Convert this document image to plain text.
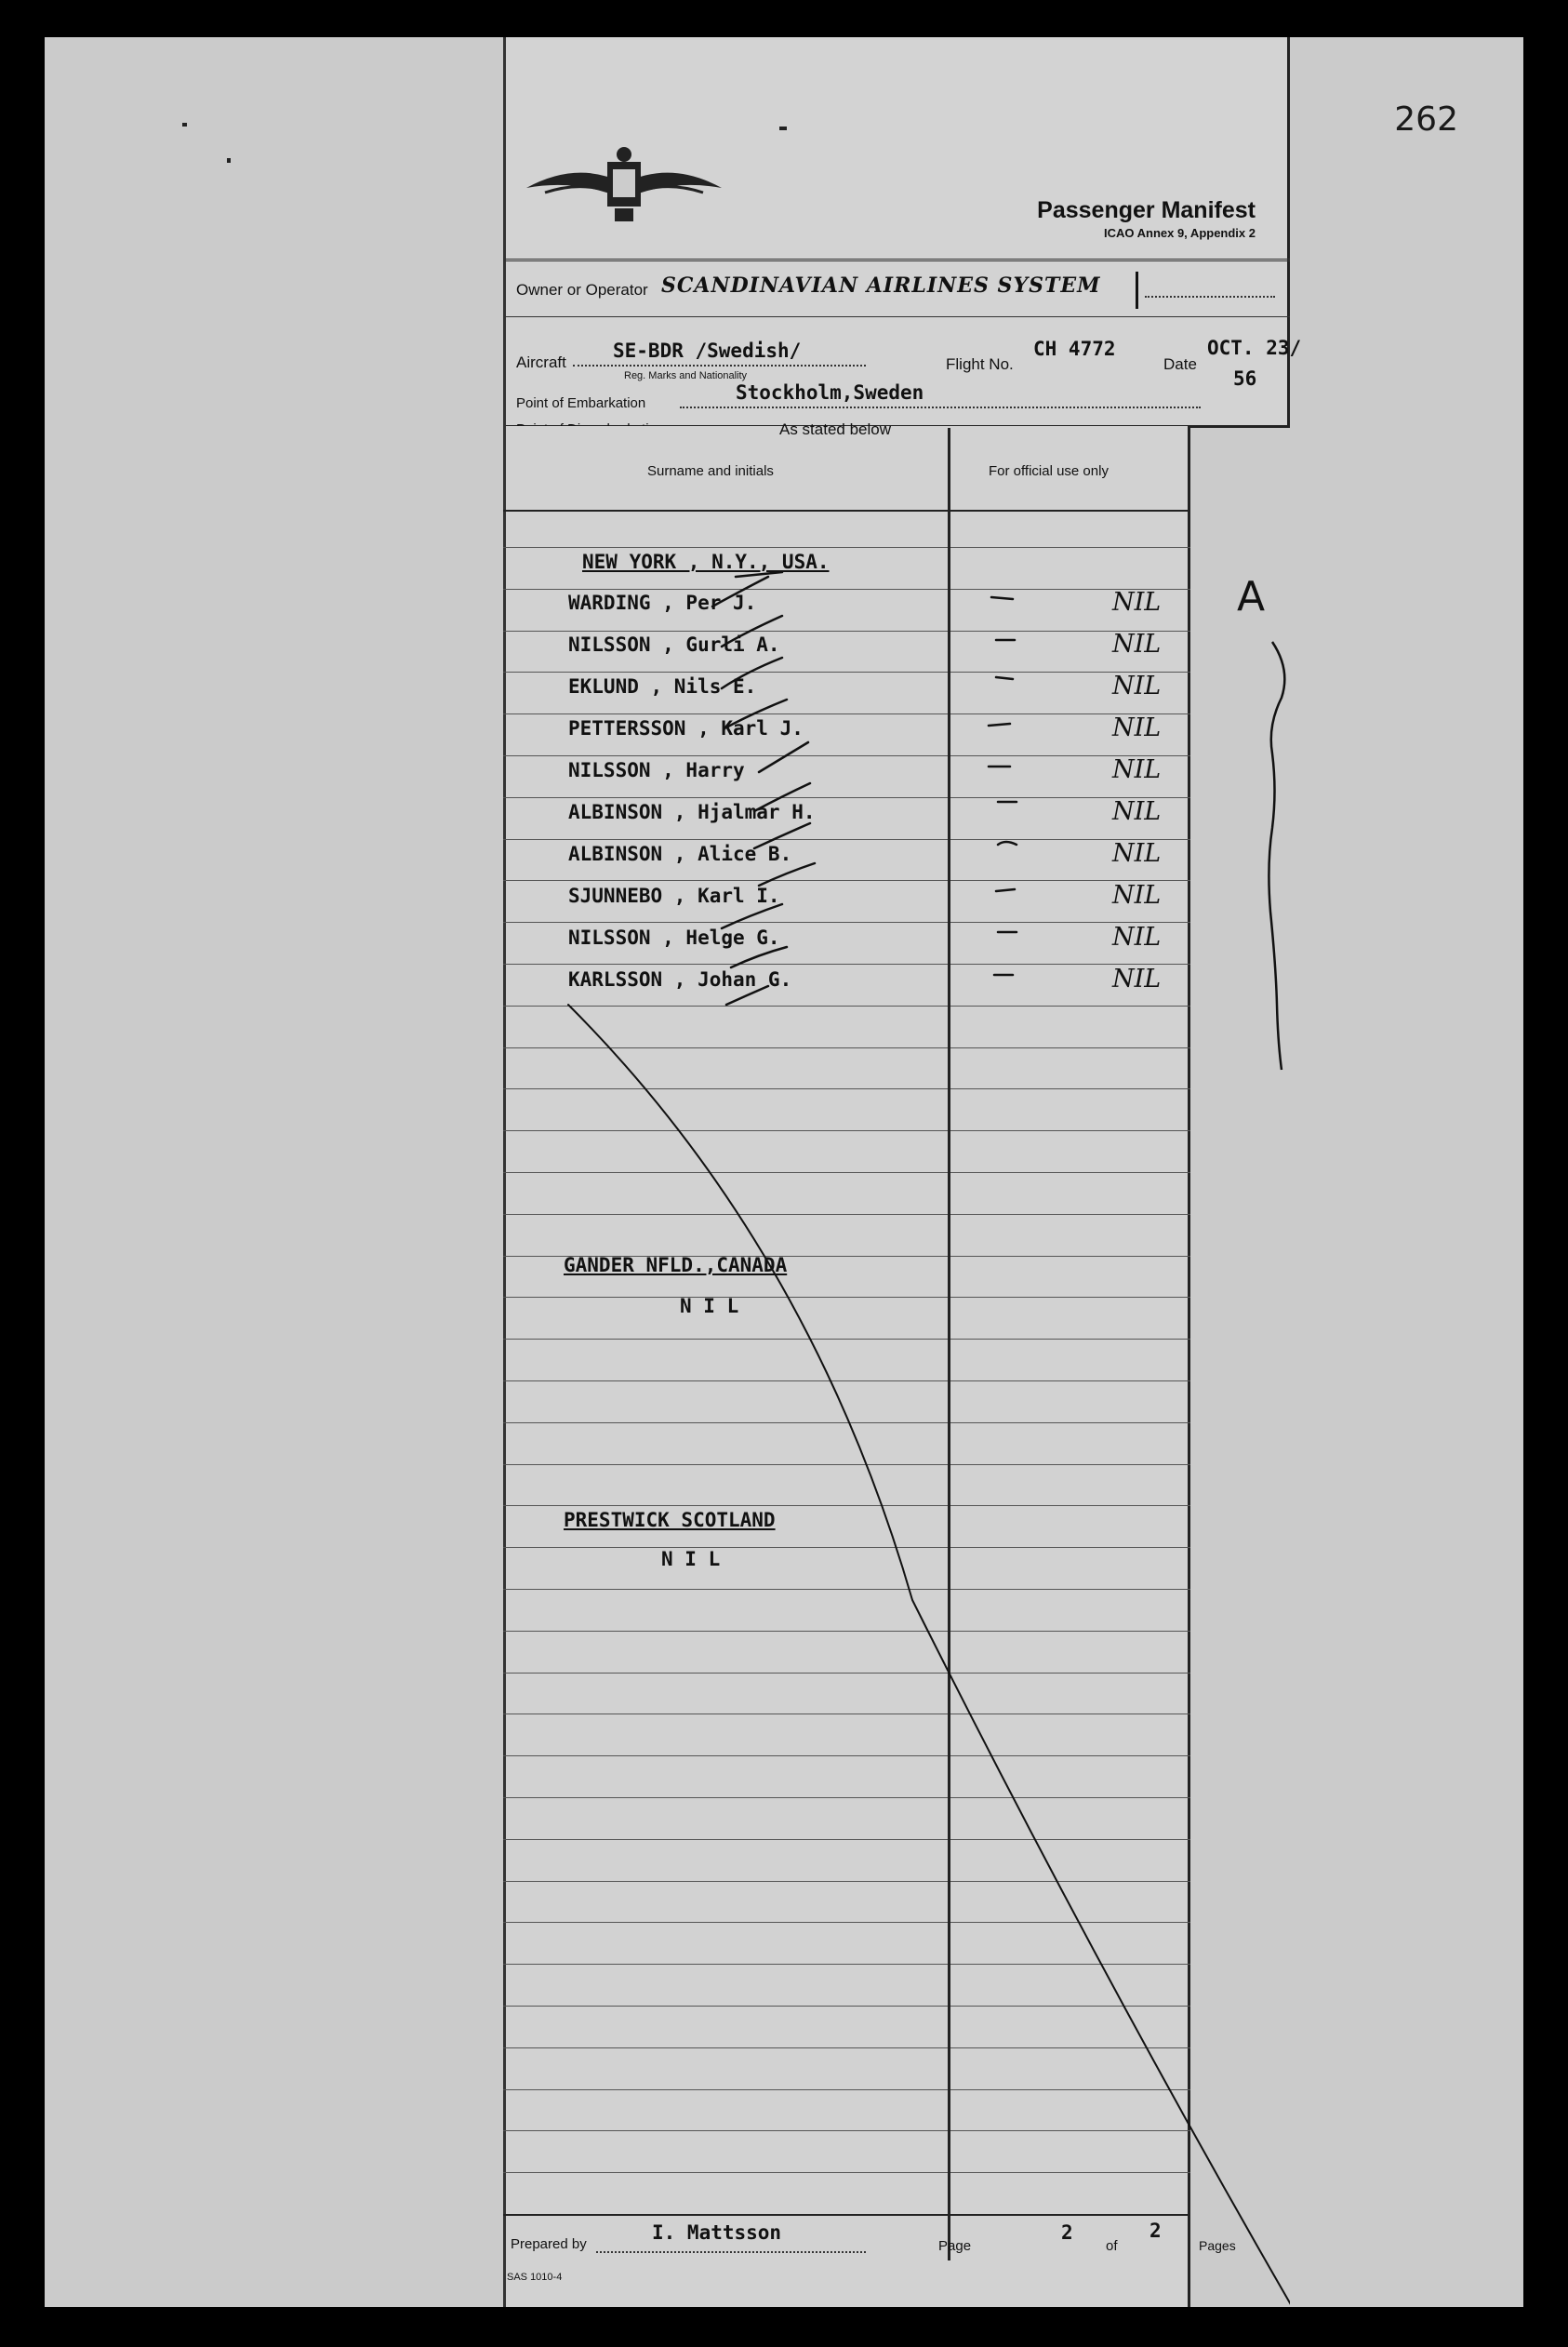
262
Passenger Manifest
ICAO Annex 9, Appendix 2
Owner or Operator SCANDINAVIAN AIRLINES SYSTEM
Aircraft
SE-BDR /Swedish/
Reg. Marks and Nationality
Flight No.
CH 4772
Date
OCT. 23/
56
Point of Embarkation	Stockholm,Sweden
As stated below
Surname and initials	For official use only
NEW YORK , N.Y., USA.
WARDING , Per J.	NIL
NILSSON , Gurli A.	NIL
EKLUND , Nils E.	NIL
PETTERSSON , Karl J.	NIL
NILSSON , Harry	NIL
ALBINSON , Hjalmar H.	NIL
ALBINSON , Alice B.	NIL
SJUNNEBO , Karl I.	NIL
NILSSON , Helge G.	NIL
KARLSSON , Johan G.	NIL
GANDER NFLD.,CANADA
N I L
PRESTWICK SCOTLAND
N I L
Prepared by
I. Mattsson
Page
2
of
2
Pages
SAS 1010-4
A
